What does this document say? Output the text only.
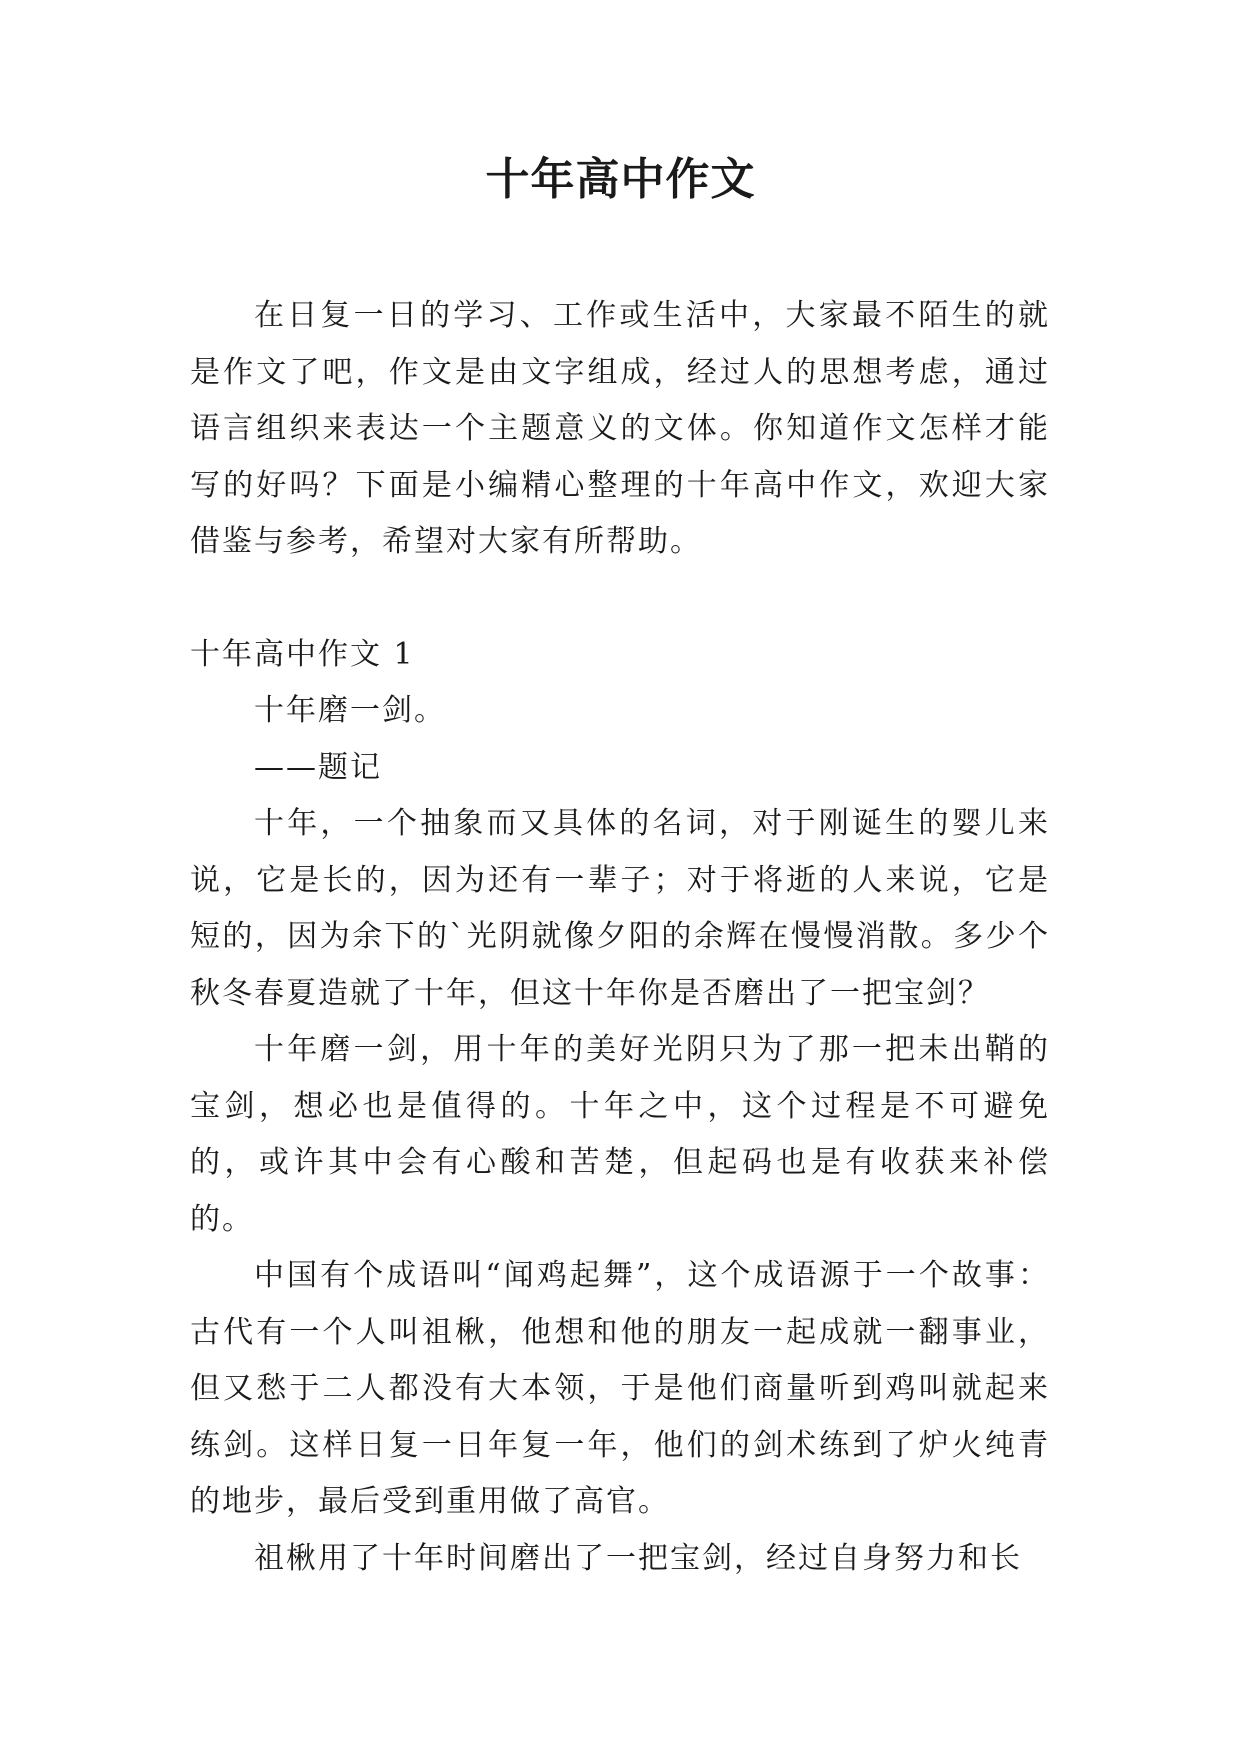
十年高中作文

在日复一日的学习、工作或生活中，大家最不陌生的就是作文了吧，作文是由文字组成，经过人的思想考虑，通过语言组织来表达一个主题意义的文体。你知道作文怎样才能写的好吗？下面是小编精心整理的十年高中作文，欢迎大家借鉴与参考，希望对大家有所帮助。

十年高中作文 1

十年磨一剑。

——题记

十年，一个抽象而又具体的名词，对于刚诞生的婴儿来说，它是长的，因为还有一辈子；对于将逝的人来说，它是短的，因为余下的`光阴就像夕阳的余辉在慢慢消散。多少个秋冬春夏造就了十年，但这十年你是否磨出了一把宝剑？

十年磨一剑，用十年的美好光阴只为了那一把未出鞘的宝剑，想必也是值得的。十年之中，这个过程是不可避免的，或许其中会有心酸和苦楚，但起码也是有收获来补偿的。

中国有个成语叫“闻鸡起舞”，这个成语源于一个故事：古代有一个人叫祖楸，他想和他的朋友一起成就一翻事业，但又愁于二人都没有大本领，于是他们商量听到鸡叫就起来练剑。这样日复一日年复一年，他们的剑术练到了炉火纯青的地步，最后受到重用做了高官。

祖楸用了十年时间磨出了一把宝剑，经过自身努力和长
